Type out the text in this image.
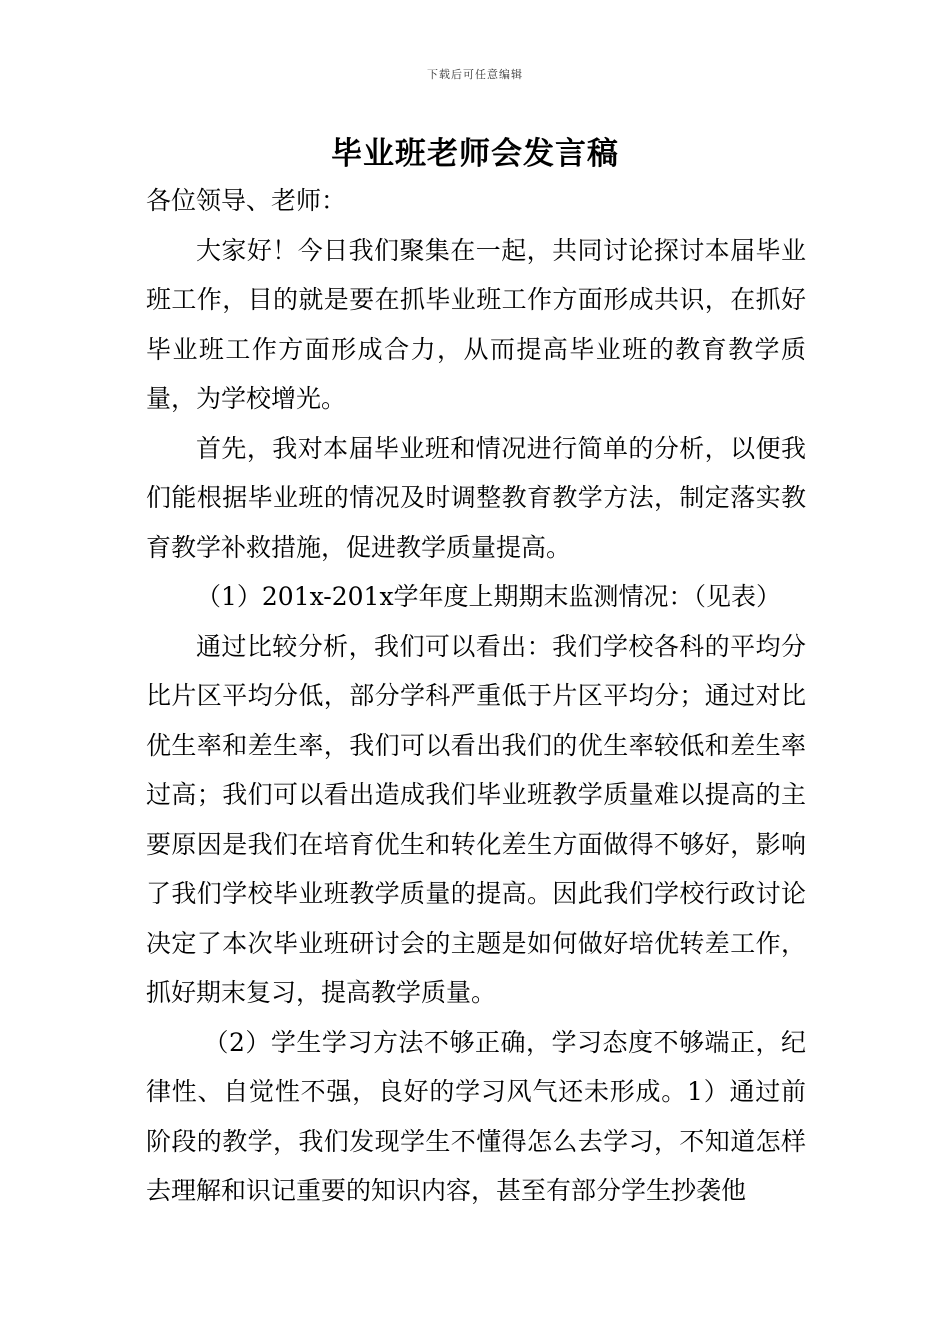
下载后可任意编辑
毕业班老师会发言稿

各位领导、老师：

大家好！今日我们聚集在一起，共同讨论探讨本届毕业班工作，目的就是要在抓毕业班工作方面形成共识，在抓好毕业班工作方面形成合力，从而提高毕业班的教育教学质量，为学校增光。

首先，我对本届毕业班和情况进行简单的分析，以便我们能根据毕业班的情况及时调整教育教学方法，制定落实教育教学补救措施，促进教学质量提高。

（1）201x-201x学年度上期期末监测情况：（见表）

通过比较分析，我们可以看出：我们学校各科的平均分比片区平均分低，部分学科严重低于片区平均分；通过对比优生率和差生率，我们可以看出我们的优生率较低和差生率过高；我们可以看出造成我们毕业班教学质量难以提高的主要原因是我们在培育优生和转化差生方面做得不够好，影响了我们学校毕业班教学质量的提高。因此我们学校行政讨论决定了本次毕业班研讨会的主题是如何做好培优转差工作，抓好期末复习，提高教学质量。

（2）学生学习方法不够正确，学习态度不够端正，纪律性、自觉性不强，良好的学习风气还未形成。1）通过前阶段的教学，我们发现学生不懂得怎么去学习，不知道怎样去理解和识记重要的知识内容，甚至有部分学生抄袭他
